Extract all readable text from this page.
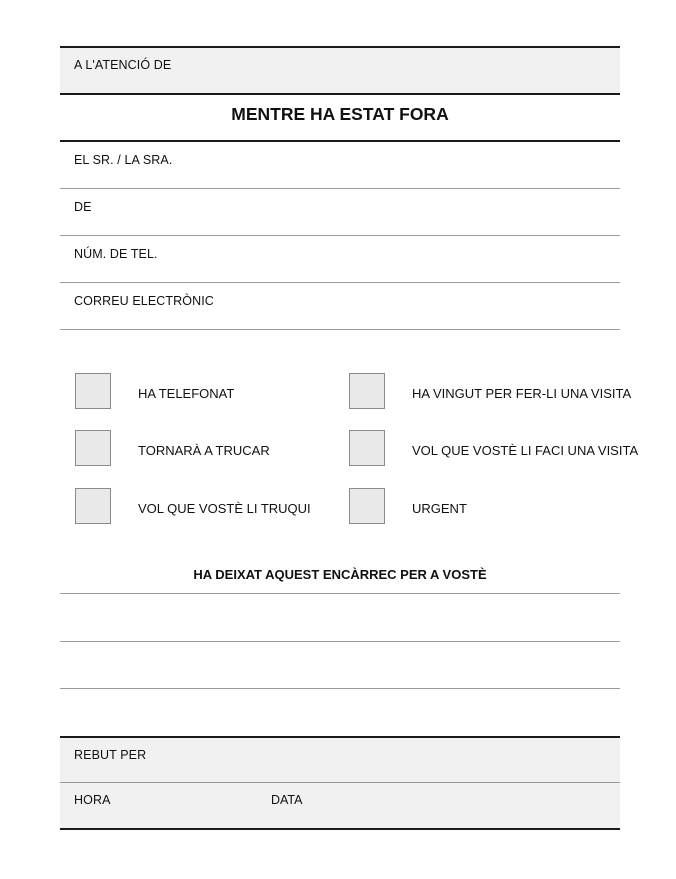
A L'ATENCIÓ DE
MENTRE HA ESTAT FORA
EL SR. / LA SRA.
DE
NÚM. DE TEL.
CORREU ELECTRÒNIC
HA TELEFONAT	HA VINGUT PER FER-LI UNA VISITA
TORNARÀ A TRUCAR	VOL QUE VOSTÈ LI FACI UNA VISITA
VOL QUE VOSTÈ LI TRUQUI	URGENT
HA DEIXAT AQUEST ENCÀRREC PER A VOSTÈ
REBUT PER
HORA	DATA
